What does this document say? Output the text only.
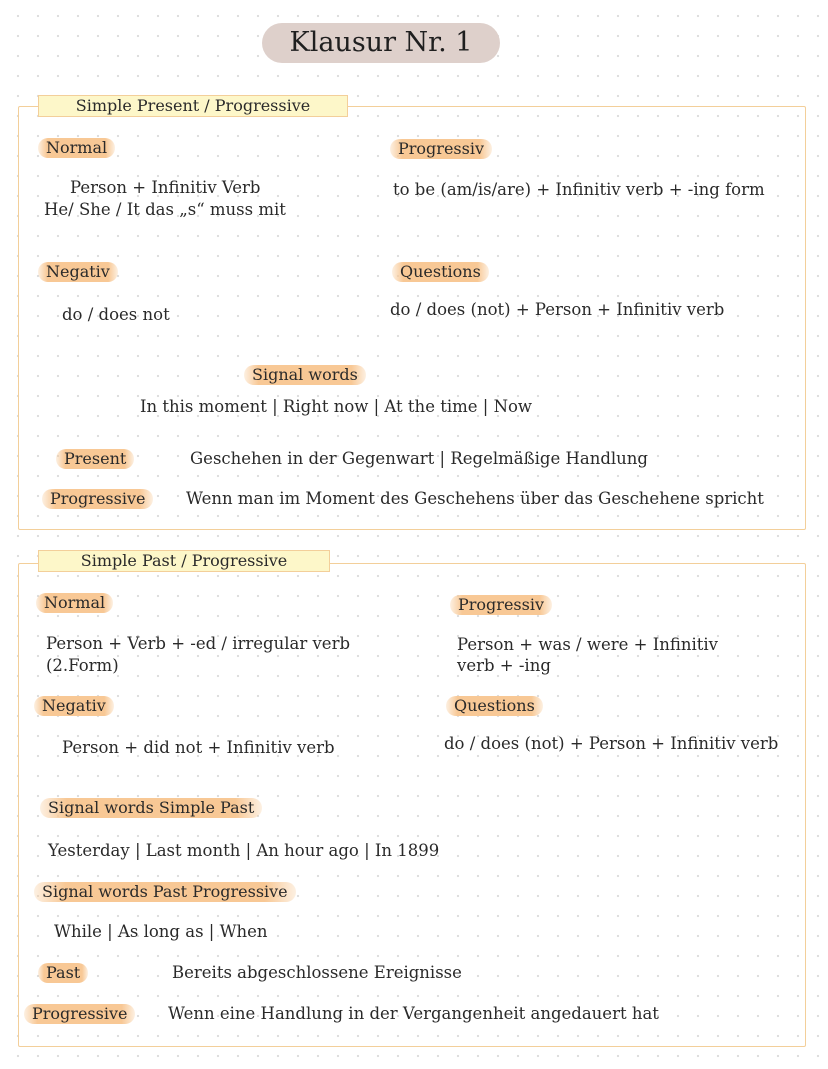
Klausur Nr. 1
Simple Present / Progressive
Normal
Person + Infinitiv Verb
He/ She / It das „s“ muss mit
Progressiv
to be (am/is/are) + Infinitiv verb + -ing form
Negativ
do / does not
Questions
do / does (not) + Person + Infinitiv verb
Signal words
In this moment | Right now | At the time | Now
Present	Geschehen in der Gegenwart | Regelmäßige Handlung
Progressive	Wenn man im Moment des Geschehens über das Geschehene spricht
Simple Past / Progressive
Normal
Person + Verb + -ed / irregular verb
(2.Form)
Progressiv
Person + was / were + Infinitiv
verb + -ing
Negativ
Person + did not + Infinitiv verb
Questions
do / does (not) + Person + Infinitiv verb
Signal words Simple Past
Yesterday | Last month | An hour ago | In 1899
Signal words Past Progressive
While | As long as | When
Past	Bereits abgeschlossene Ereignisse
Progressive	Wenn eine Handlung in der Vergangenheit angedauert hat
